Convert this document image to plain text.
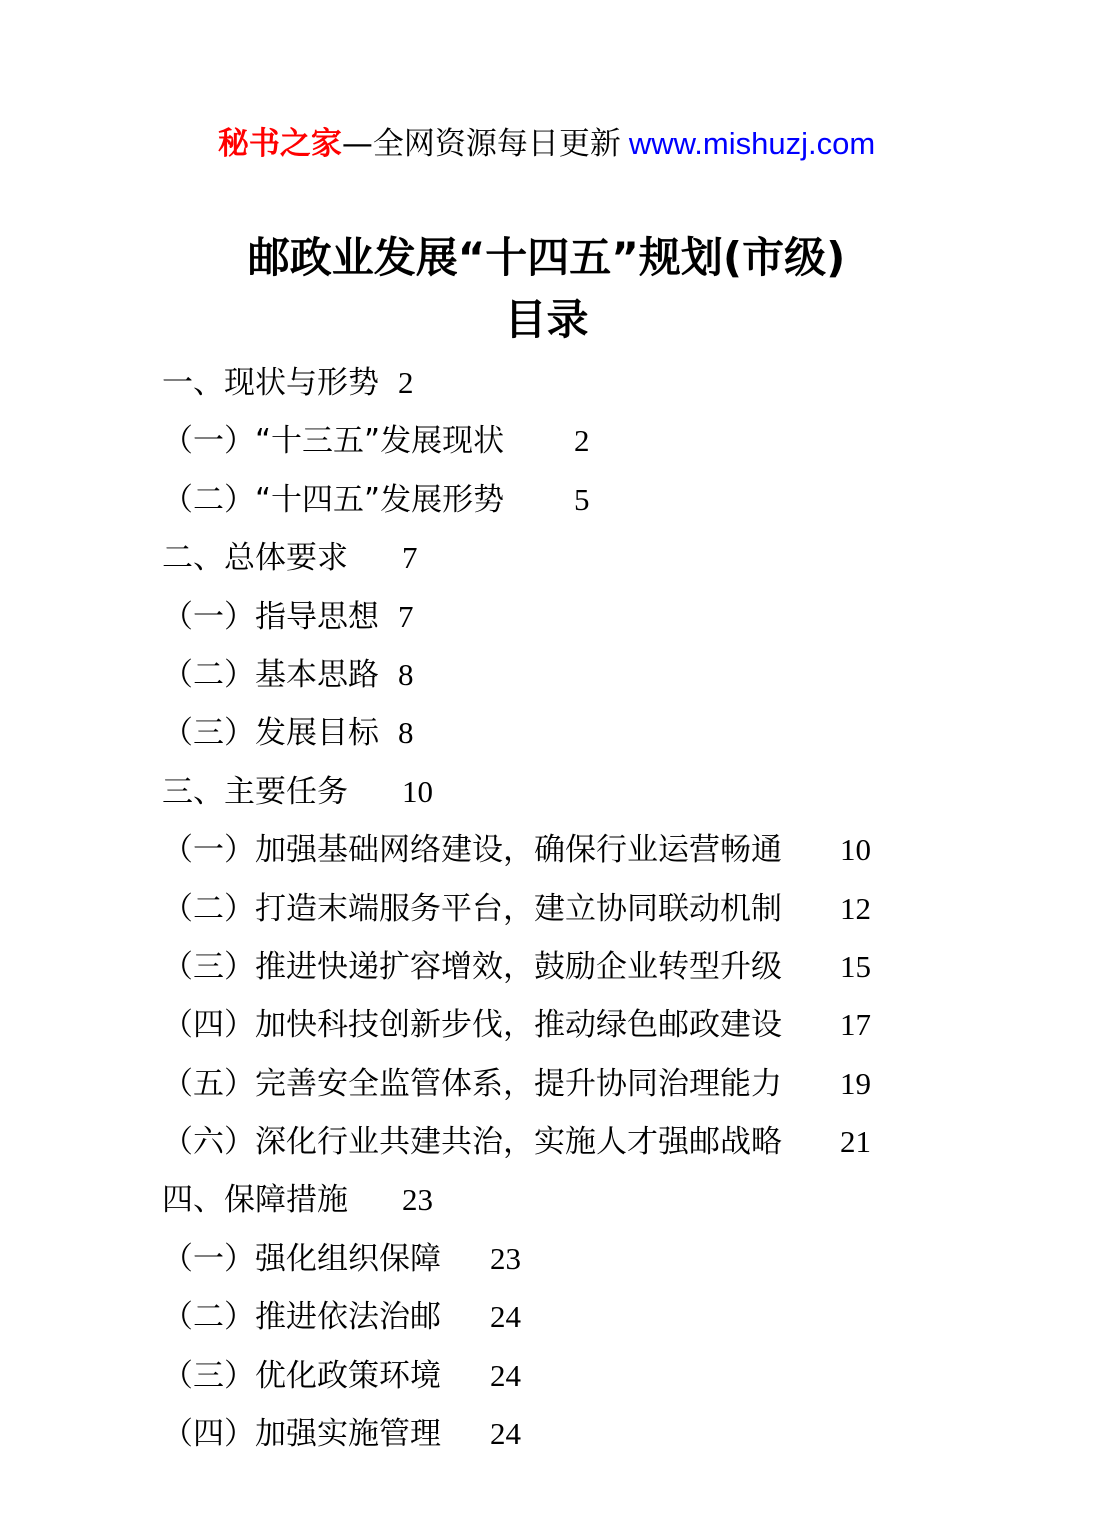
秘书之家—全网资源每日更新 www.mishuzj.com
邮政业发展“十四五”规划(市级)
目录
一、现状与形势 2
（一）“十三五”发展现状 2
（二）“十四五”发展形势 5
二、总体要求 7
（一）指导思想 7
（二）基本思路 8
（三）发展目标 8
三、主要任务 10
（一）加强基础网络建设，确保行业运营畅通 10
（二）打造末端服务平台，建立协同联动机制 12
（三）推进快递扩容增效，鼓励企业转型升级 15
（四）加快科技创新步伐，推动绿色邮政建设 17
（五）完善安全监管体系，提升协同治理能力 19
（六）深化行业共建共治，实施人才强邮战略 21
四、保障措施 23
（一）强化组织保障 23
（二）推进依法治邮 24
（三）优化政策环境 24
（四）加强实施管理 24
